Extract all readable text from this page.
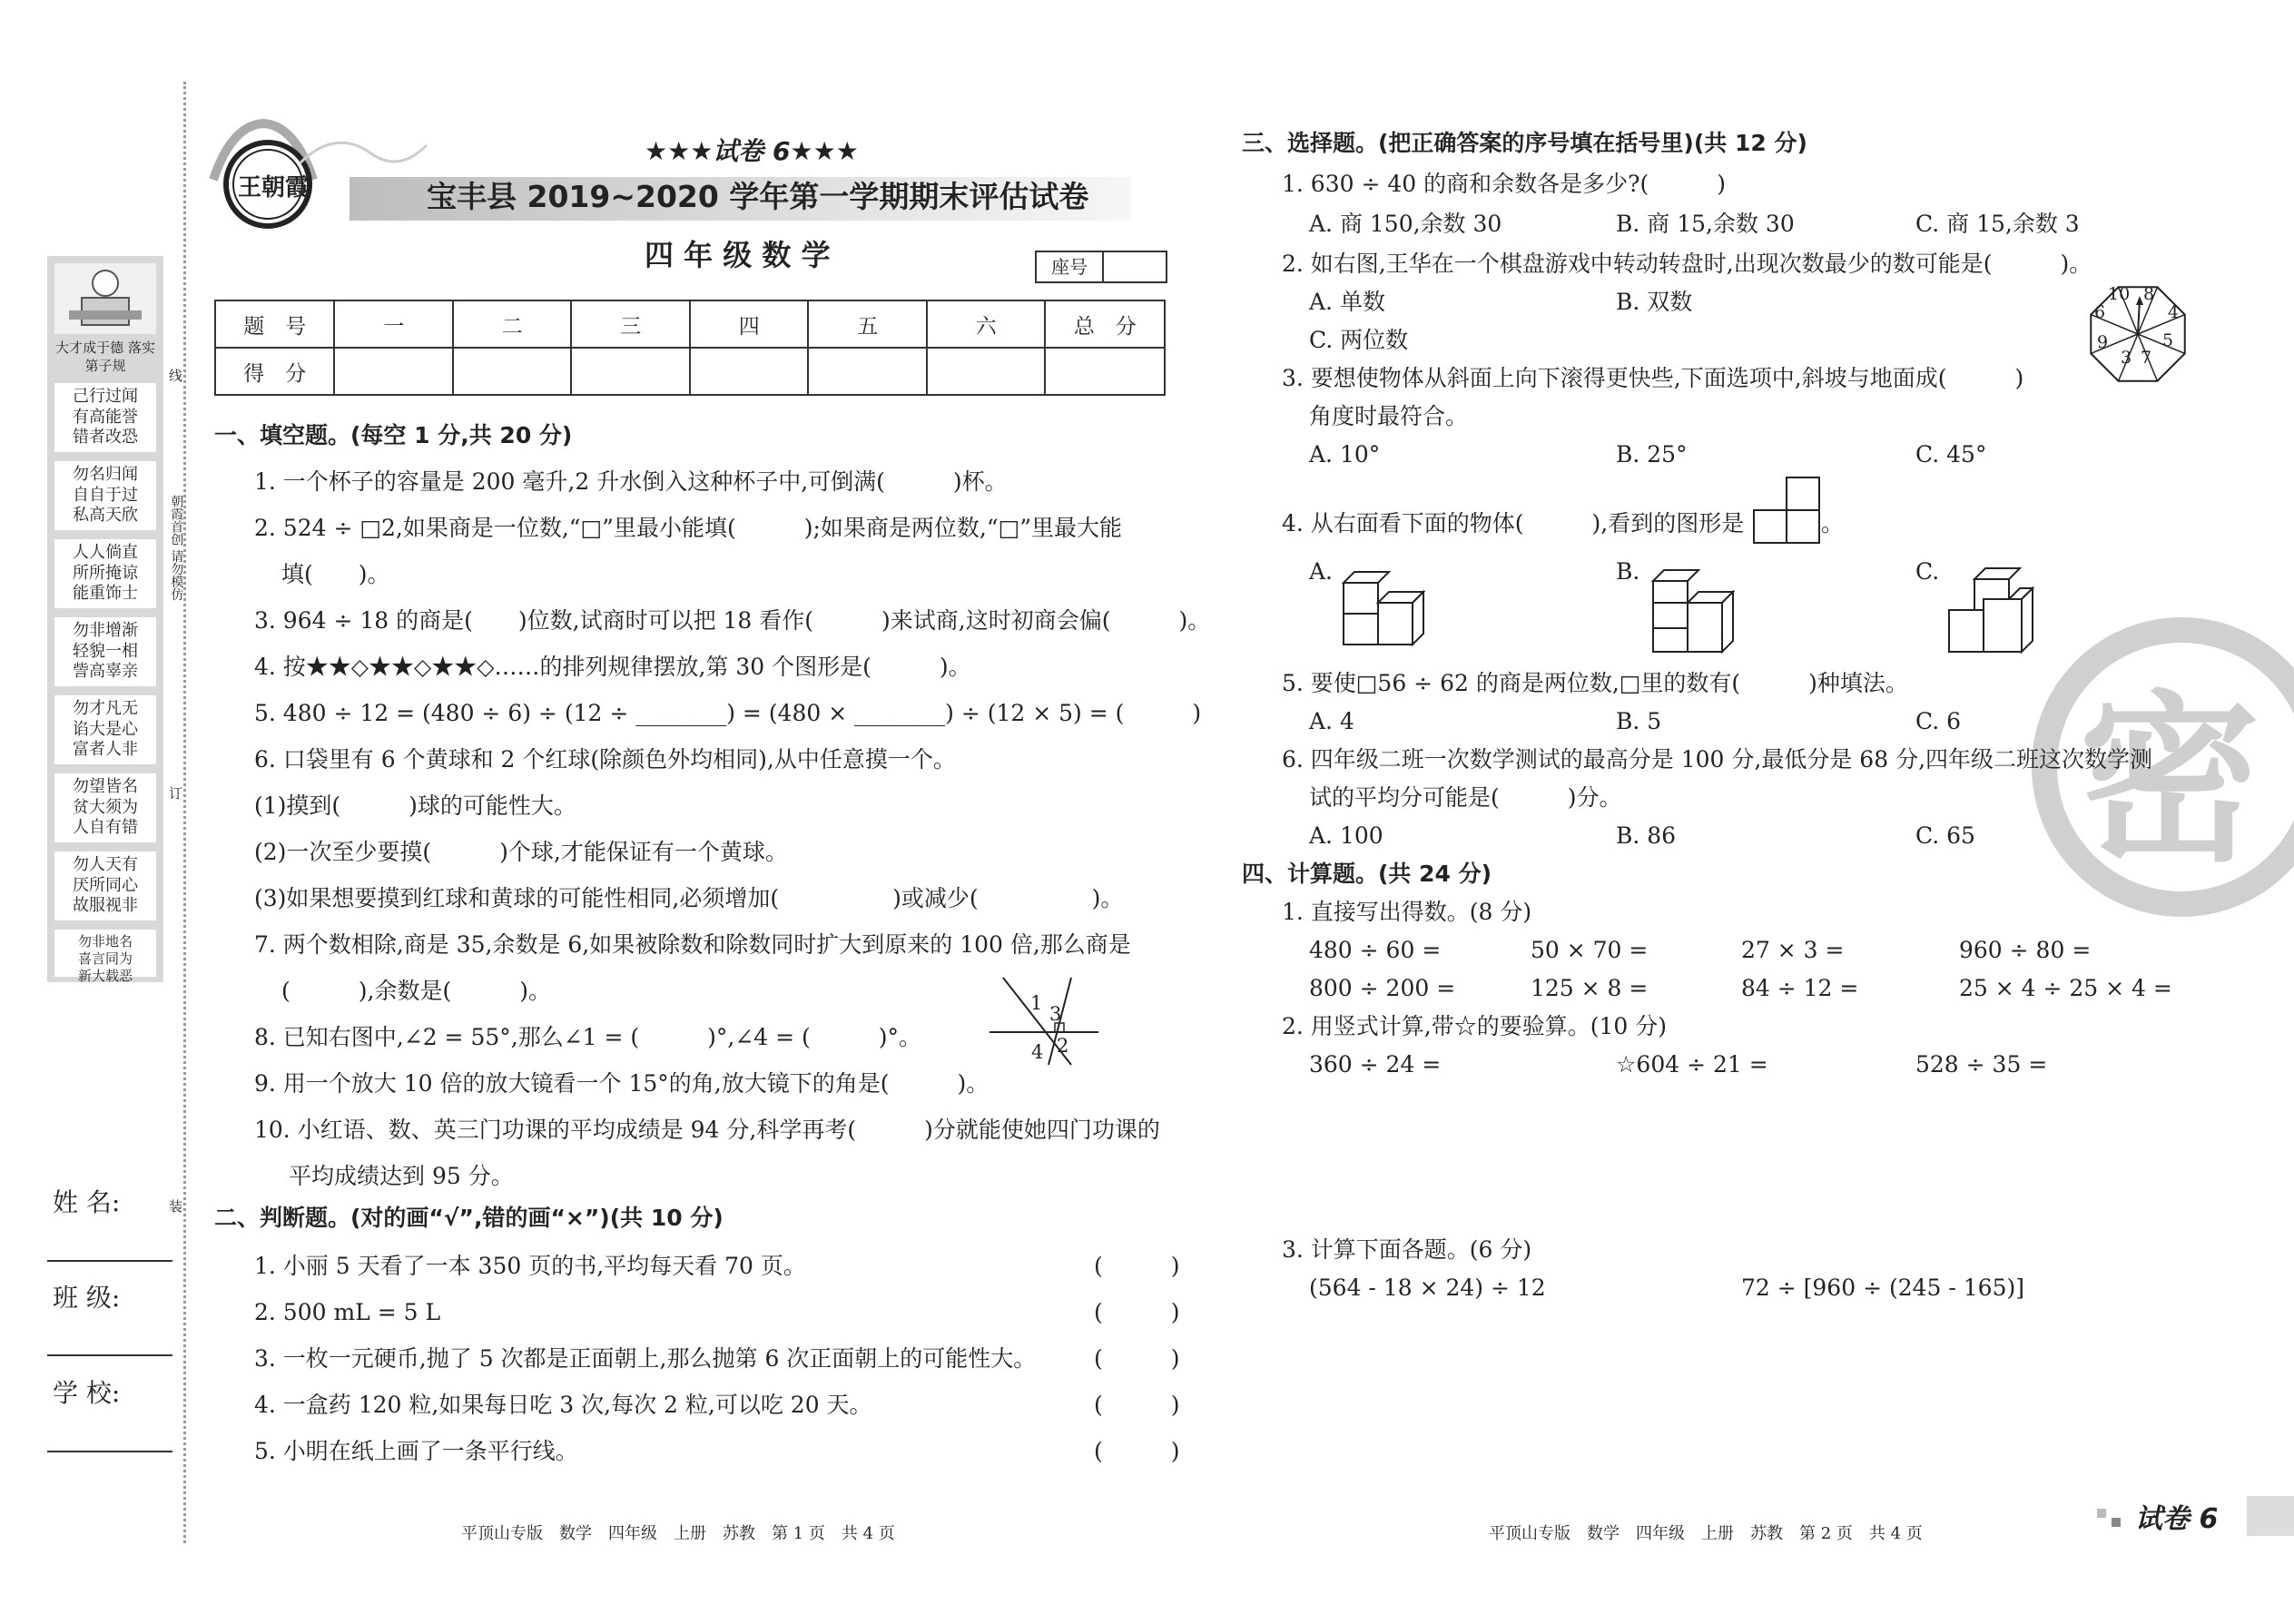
线
朝霞首创 请勿模仿
订
装
大才成于德 落实第子规
己行过闻
有高能誉
错者改恐
勿名归闻
自自于过
私高天欣
人人倘直
所所掩谅
能重饰士
勿非增渐
轻貌一相
訾高辜亲
勿才凡无
谄大是心
富者人非
勿望皆名
贫大须为
人自有错
勿人天有
厌所同心
故服视非
勿非地名
喜言同为
新大载恶
姓 名:
班 级:
学 校:
王朝霞
★★★试卷 6★★★
宝丰县 2019~2020 学年第一学期期末评估试卷
四 年 级 数 学	座号
题　号	一	二	三	四	五	六	总　分
得　分							
一、填空题。(每空 1 分,共 20 分)
1. 一个杯子的容量是 200 毫升,2 升水倒入这种杯子中,可倒满(　　　)杯。
2. 524 ÷ □2,如果商是一位数,“□”里最小能填(　　　);如果商是两位数,“□”里最大能
填(　　)。
3. 964 ÷ 18 的商是(　　)位数,试商时可以把 18 看作(　　　)来试商,这时初商会偏(　　　)。
4. 按★★◇★★◇★★◇……的排列规律摆放,第 30 个图形是(　　　)。
5. 480 ÷ 12 = (480 ÷ 6) ÷ (12 ÷ ________) = (480 × ________) ÷ (12 × 5) = (　　　)
6. 口袋里有 6 个黄球和 2 个红球(除颜色外均相同),从中任意摸一个。
(1)摸到(　　　)球的可能性大。
(2)一次至少要摸(　　　)个球,才能保证有一个黄球。
(3)如果想要摸到红球和黄球的可能性相同,必须增加(　　　　　)或减少(　　　　　)。
7. 两个数相除,商是 35,余数是 6,如果被除数和除数同时扩大到原来的 100 倍,那么商是
(　　　),余数是(　　　)。
8. 已知右图中,∠2 = 55°,那么∠1 = (　　　)°,∠4 = (　　　)°。
9. 用一个放大 10 倍的放大镜看一个 15°的角,放大镜下的角是(　　　)。
10. 小红语、数、英三门功课的平均成绩是 94 分,科学再考(　　　)分就能使她四门功课的
平均成绩达到 95 分。
1 3
4 2
二、判断题。(对的画“√”,错的画“×”)(共 10 分)
1. 小丽 5 天看了一本 350 页的书,平均每天看 70 页。	(　　　)
2. 500 mL = 5 L	(　　　)
3. 一枚一元硬币,抛了 5 次都是正面朝上,那么抛第 6 次正面朝上的可能性大。	(　　　)
4. 一盒药 120 粒,如果每日吃 3 次,每次 2 粒,可以吃 20 天。	(　　　)
5. 小明在纸上画了一条平行线。	(　　　)
平顶山专版　数学　四年级　上册　苏教　第 1 页　共 4 页
密
三、选择题。(把正确答案的序号填在括号里)(共 12 分)
1. 630 ÷ 40 的商和余数各是多少?(　　　)
A. 商 150,余数 30	B. 商 15,余数 30	C. 商 15,余数 3
2. 如右图,王华在一个棋盘游戏中转动转盘时,出现次数最少的数可能是(　　　)。
A. 单数	B. 双数
C. 两位数
10 8
4
5
7
3
9
6
3. 要想使物体从斜面上向下滚得更快些,下面选项中,斜坡与地面成(　　　)
角度时最符合。
A. 10°	B. 25°	C. 45°
4. 从右面看下面的物体(　　　),看到的图形是	。
A.	B.	C.
5. 要使□56 ÷ 62 的商是两位数,□里的数有(　　　)种填法。
A. 4	B. 5	C. 6
6. 四年级二班一次数学测试的最高分是 100 分,最低分是 68 分,四年级二班这次数学测
试的平均分可能是(　　　)分。
A. 100	B. 86	C. 65
四、计算题。(共 24 分)
1. 直接写出得数。(8 分)
480 ÷ 60 =	50 × 70 =	27 × 3 =	960 ÷ 80 =
800 ÷ 200 =	125 × 8 =	84 ÷ 12 =	25 × 4 ÷ 25 × 4 =
2. 用竖式计算,带☆的要验算。(10 分)
360 ÷ 24 =	☆604 ÷ 21 =	528 ÷ 35 =
3. 计算下面各题。(6 分)
(564 - 18 × 24) ÷ 12	72 ÷ [960 ÷ (245 - 165)]
平顶山专版　数学　四年级　上册　苏教　第 2 页　共 4 页	试卷 6
